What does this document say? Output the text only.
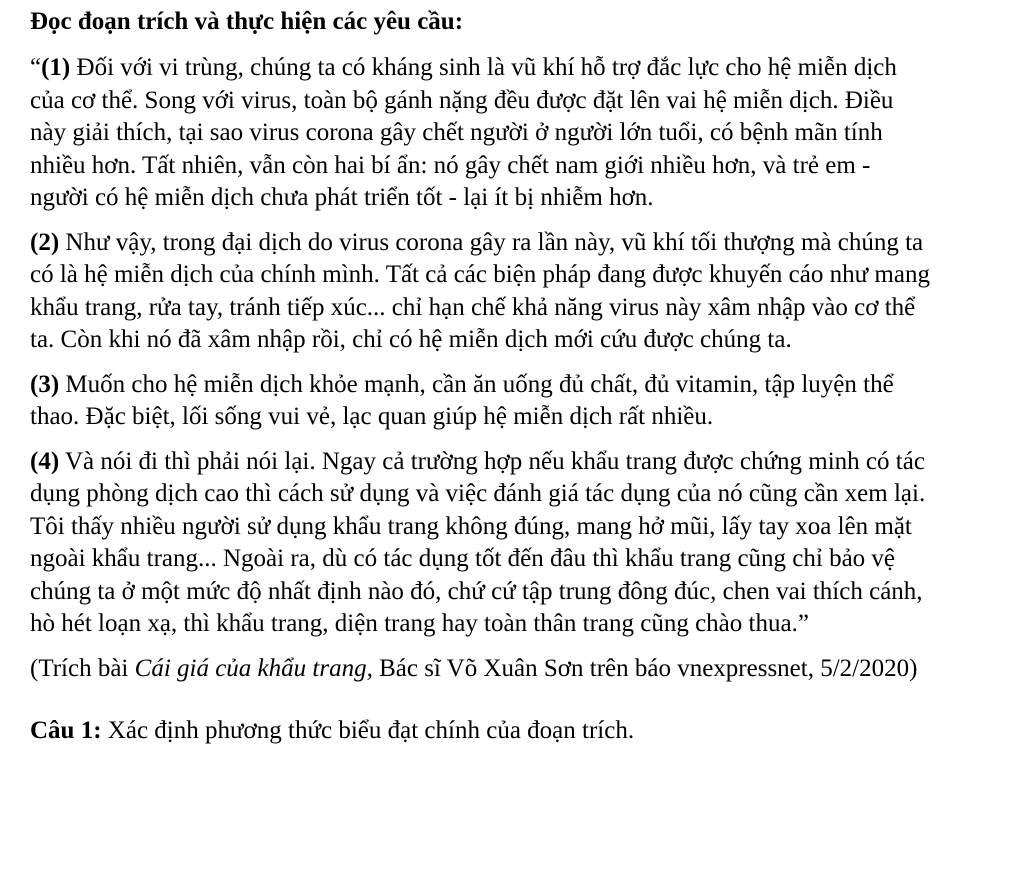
Đọc đoạn trích và thực hiện các yêu cầu:

“(1) Đối với vi trùng, chúng ta có kháng sinh là vũ khí hỗ trợ đắc lực cho hệ miễn dịch của cơ thể. Song với virus, toàn bộ gánh nặng đều được đặt lên vai hệ miễn dịch. Điều này giải thích, tại sao virus corona gây chết người ở người lớn tuổi, có bệnh mãn tính nhiều hơn. Tất nhiên, vẫn còn hai bí ẩn: nó gây chết nam giới nhiều hơn, và trẻ em - người có hệ miễn dịch chưa phát triển tốt - lại ít bị nhiễm hơn.

(2) Như vậy, trong đại dịch do virus corona gây ra lần này, vũ khí tối thượng mà chúng ta có là hệ miễn dịch của chính mình. Tất cả các biện pháp đang được khuyến cáo như mang khẩu trang, rửa tay, tránh tiếp xúc... chỉ hạn chế khả năng virus này xâm nhập vào cơ thể ta. Còn khi nó đã xâm nhập rồi, chỉ có hệ miễn dịch mới cứu được chúng ta.

(3) Muốn cho hệ miễn dịch khỏe mạnh, cần ăn uống đủ chất, đủ vitamin, tập luyện thể thao. Đặc biệt, lối sống vui vẻ, lạc quan giúp hệ miễn dịch rất nhiều.

(4) Và nói đi thì phải nói lại. Ngay cả trường hợp nếu khẩu trang được chứng minh có tác dụng phòng dịch cao thì cách sử dụng và việc đánh giá tác dụng của nó cũng cần xem lại. Tôi thấy nhiều người sử dụng khẩu trang không đúng, mang hở mũi, lấy tay xoa lên mặt ngoài khẩu trang... Ngoài ra, dù có tác dụng tốt đến đâu thì khẩu trang cũng chỉ bảo vệ chúng ta ở một mức độ nhất định nào đó, chứ cứ tập trung đông đúc, chen vai thích cánh, hò hét loạn xạ, thì khẩu trang, diện trang hay toàn thân trang cũng chào thua.”

(Trích bài Cái giá của khẩu trang, Bác sĩ Võ Xuân Sơn trên báo vnexpressnet, 5/2/2020)

Câu 1: Xác định phương thức biểu đạt chính của đoạn trích.
